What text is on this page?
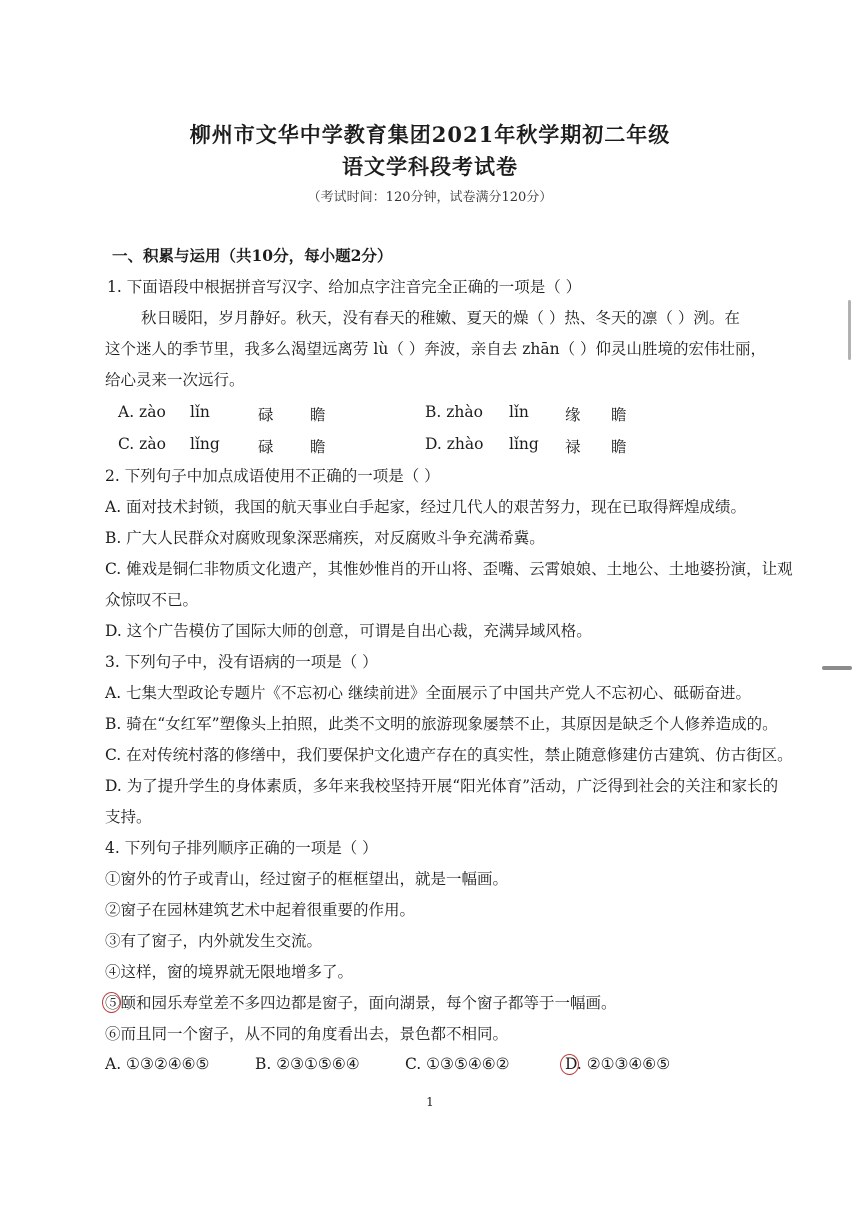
柳州市文华中学教育集团2021年秋学期初二年级
语文学科段考试卷
（考试时间：120分钟，试卷满分120分）
一、积累与运用（共10分，每小题2分）
1. 下面语段中根据拼音写汉字、给加点字注音完全正确的一项是（ ）
秋日暖阳，岁月静好。秋天，没有春天的稚嫩、夏天的燥（ ）热、冬天的凛（ ）洌。在
这个迷人的季节里，我多么渴望远离劳 lù（ ）奔波，亲自去 zhān（ ）仰灵山胜境的宏伟壮丽，
给心灵来一次远行。
A. zào lǐn	碌 瞻	B. zhào lǐn 缘 瞻
C. zào lǐng 碌 瞻	D. zhào lǐng 禄 瞻
2. 下列句子中加点成语使用不正确的一项是（ ）
A. 面对技术封锁，我国的航天事业白手起家，经过几代人的艰苦努力，现在已取得辉煌成绩。
B. 广大人民群众对腐败现象深恶痛疾，对反腐败斗争充满希冀。
C. 傩戏是铜仁非物质文化遗产，其惟妙惟肖的开山将、歪嘴、云霄娘娘、土地公、土地婆扮演，让观
众惊叹不已。
D. 这个广告模仿了国际大师的创意，可谓是自出心裁，充满异域风格。
3. 下列句子中，没有语病的一项是（ ）
A. 七集大型政论专题片《不忘初心 继续前进》全面展示了中国共产党人不忘初心、砥砺奋进。
B. 骑在“女红军”塑像头上拍照，此类不文明的旅游现象屡禁不止，其原因是缺乏个人修养造成的。
C. 在对传统村落的修缮中，我们要保护文化遗产存在的真实性，禁止随意修建仿古建筑、仿古街区。
D. 为了提升学生的身体素质，多年来我校坚持开展“阳光体育”活动，广泛得到社会的关注和家长的
支持。
4. 下列句子排列顺序正确的一项是（ ）
①窗外的竹子或青山，经过窗子的框框望出，就是一幅画。
②窗子在园林建筑艺术中起着很重要的作用。
③有了窗子，内外就发生交流。
④这样，窗的境界就无限地增多了。
⑤颐和园乐寿堂差不多四边都是窗子，面向湖景，每个窗子都等于一幅画。
⑥而且同一个窗子，从不同的角度看出去，景色都不相同。
A. ①③②④⑥⑤	B. ②③①⑤⑥④	C. ①③⑤④⑥②	D. ②①③④⑥⑤
1
